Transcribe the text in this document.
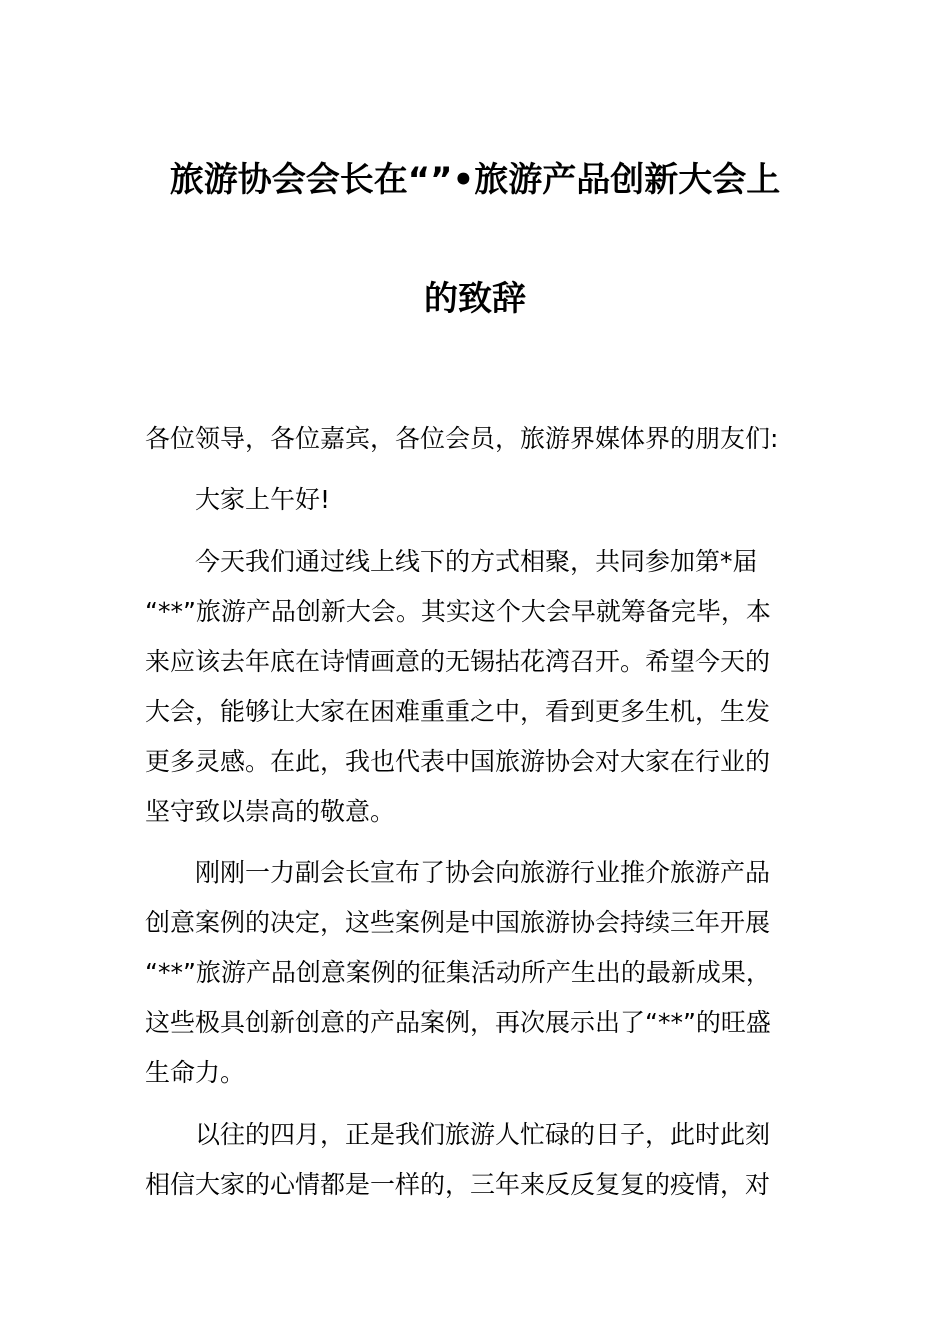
旅游协会会长在“”•旅游产品创新大会上
的致辞
各位领导，各位嘉宾，各位会员，旅游界媒体界的朋友们:
大家上午好!
今天我们通过线上线下的方式相聚，共同参加第*届
“**”旅游产品创新大会。其实这个大会早就筹备完毕，本
来应该去年底在诗情画意的无锡拈花湾召开。希望今天的
大会，能够让大家在困难重重之中，看到更多生机，生发
更多灵感。在此，我也代表中国旅游协会对大家在行业的
坚守致以崇高的敬意。
刚刚一力副会长宣布了协会向旅游行业推介旅游产品
创意案例的决定，这些案例是中国旅游协会持续三年开展
“**”旅游产品创意案例的征集活动所产生出的最新成果，
这些极具创新创意的产品案例，再次展示出了“**”的旺盛
生命力。
以往的四月，正是我们旅游人忙碌的日子，此时此刻
相信大家的心情都是一样的，三年来反反复复的疫情，对
